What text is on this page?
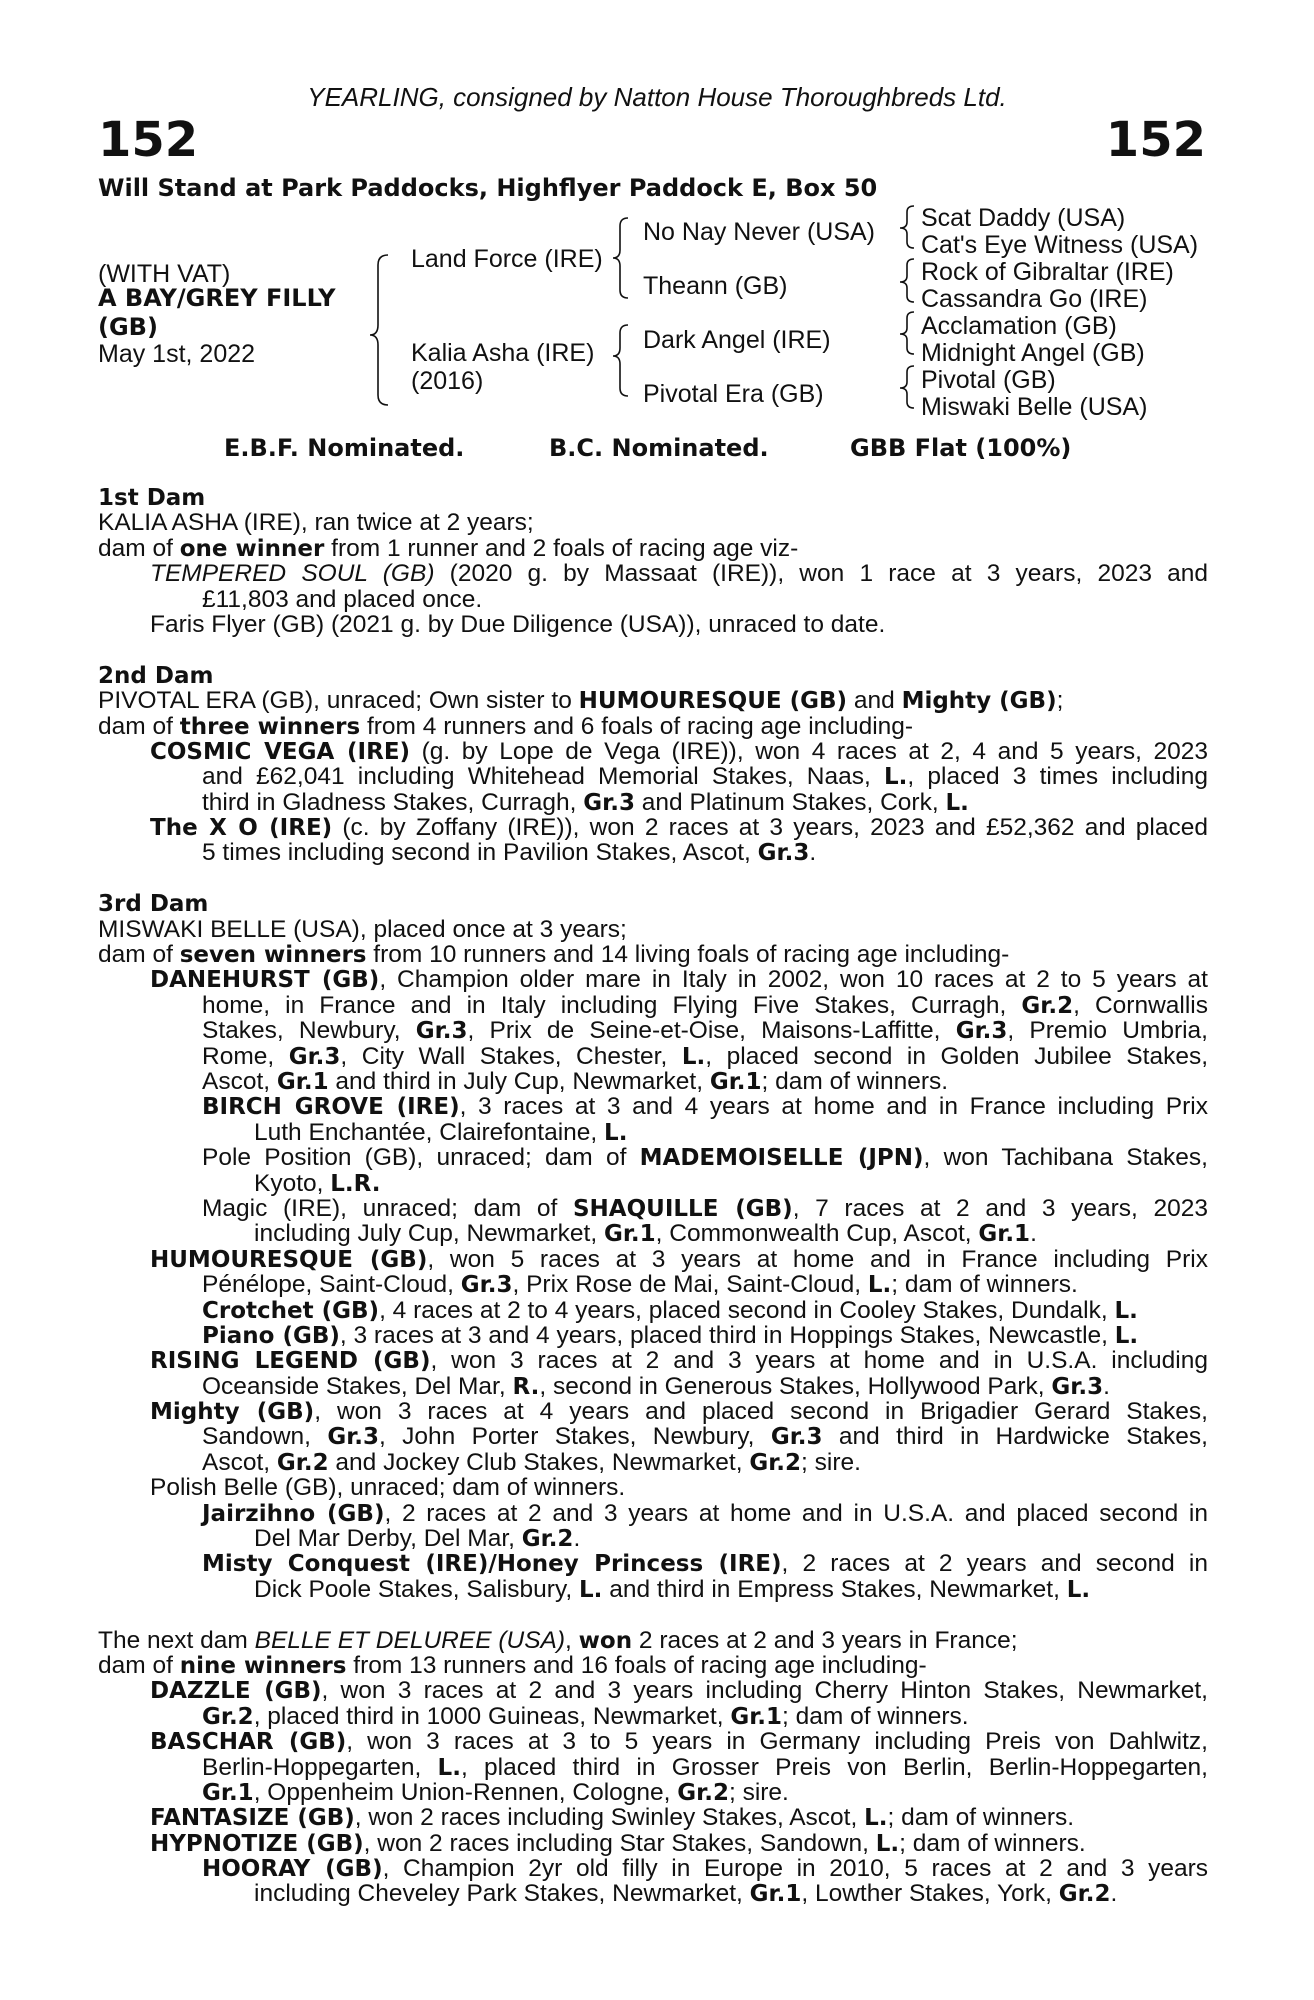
YEARLING, consigned by Natton House Thoroughbreds Ltd.
152	152
Will Stand at Park Paddocks, Highflyer Paddock E, Box 50
(WITH VAT)
A BAY/GREY FILLY
(GB)
May 1st, 2022
Land Force (IRE)
Kalia Asha (IRE)
(2016)
No Nay Never (USA)
Theann (GB)
Dark Angel (IRE)
Pivotal Era (GB)
Scat Daddy (USA)
Cat's Eye Witness (USA)
Rock of Gibraltar (IRE)
Cassandra Go (IRE)
Acclamation (GB)
Midnight Angel (GB)
Pivotal (GB)
Miswaki Belle (USA)
E.B.F. Nominated.	B.C. Nominated.	GBB Flat (100%)
1st Dam
KALIA ASHA (IRE), ran twice at 2 years;
dam of one winner from 1 runner and 2 foals of racing age viz-
TEMPERED SOUL (GB) (2020 g. by Massaat (IRE)), won 1 race at 3 years, 2023 and
£11,803 and placed once.
Faris Flyer (GB) (2021 g. by Due Diligence (USA)), unraced to date.
2nd Dam
PIVOTAL ERA (GB), unraced; Own sister to HUMOURESQUE (GB) and Mighty (GB);
dam of three winners from 4 runners and 6 foals of racing age including-
COSMIC VEGA (IRE) (g. by Lope de Vega (IRE)), won 4 races at 2, 4 and 5 years, 2023
and £62,041 including Whitehead Memorial Stakes, Naas, L., placed 3 times including
third in Gladness Stakes, Curragh, Gr.3 and Platinum Stakes, Cork, L.
The X O (IRE) (c. by Zoffany (IRE)), won 2 races at 3 years, 2023 and £52,362 and placed
5 times including second in Pavilion Stakes, Ascot, Gr.3.
3rd Dam
MISWAKI BELLE (USA), placed once at 3 years;
dam of seven winners from 10 runners and 14 living foals of racing age including-
DANEHURST (GB), Champion older mare in Italy in 2002, won 10 races at 2 to 5 years at
home, in France and in Italy including Flying Five Stakes, Curragh, Gr.2, Cornwallis
Stakes, Newbury, Gr.3, Prix de Seine-et-Oise, Maisons-Laffitte, Gr.3, Premio Umbria,
Rome, Gr.3, City Wall Stakes, Chester, L., placed second in Golden Jubilee Stakes,
Ascot, Gr.1 and third in July Cup, Newmarket, Gr.1; dam of winners.
BIRCH GROVE (IRE), 3 races at 3 and 4 years at home and in France including Prix
Luth Enchantée, Clairefontaine, L.
Pole Position (GB), unraced; dam of MADEMOISELLE (JPN), won Tachibana Stakes,
Kyoto, L.R.
Magic (IRE), unraced; dam of SHAQUILLE (GB), 7 races at 2 and 3 years, 2023
including July Cup, Newmarket, Gr.1, Commonwealth Cup, Ascot, Gr.1.
HUMOURESQUE (GB), won 5 races at 3 years at home and in France including Prix
Pénélope, Saint-Cloud, Gr.3, Prix Rose de Mai, Saint-Cloud, L.; dam of winners.
Crotchet (GB), 4 races at 2 to 4 years, placed second in Cooley Stakes, Dundalk, L.
Piano (GB), 3 races at 3 and 4 years, placed third in Hoppings Stakes, Newcastle, L.
RISING LEGEND (GB), won 3 races at 2 and 3 years at home and in U.S.A. including
Oceanside Stakes, Del Mar, R., second in Generous Stakes, Hollywood Park, Gr.3.
Mighty (GB), won 3 races at 4 years and placed second in Brigadier Gerard Stakes,
Sandown, Gr.3, John Porter Stakes, Newbury, Gr.3 and third in Hardwicke Stakes,
Ascot, Gr.2 and Jockey Club Stakes, Newmarket, Gr.2; sire.
Polish Belle (GB), unraced; dam of winners.
Jairzihno (GB), 2 races at 2 and 3 years at home and in U.S.A. and placed second in
Del Mar Derby, Del Mar, Gr.2.
Misty Conquest (IRE)/Honey Princess (IRE), 2 races at 2 years and second in
Dick Poole Stakes, Salisbury, L. and third in Empress Stakes, Newmarket, L.
The next dam BELLE ET DELUREE (USA), won 2 races at 2 and 3 years in France;
dam of nine winners from 13 runners and 16 foals of racing age including-
DAZZLE (GB), won 3 races at 2 and 3 years including Cherry Hinton Stakes, Newmarket,
Gr.2, placed third in 1000 Guineas, Newmarket, Gr.1; dam of winners.
BASCHAR (GB), won 3 races at 3 to 5 years in Germany including Preis von Dahlwitz,
Berlin-Hoppegarten, L., placed third in Grosser Preis von Berlin, Berlin-Hoppegarten,
Gr.1, Oppenheim Union-Rennen, Cologne, Gr.2; sire.
FANTASIZE (GB), won 2 races including Swinley Stakes, Ascot, L.; dam of winners.
HYPNOTIZE (GB), won 2 races including Star Stakes, Sandown, L.; dam of winners.
HOORAY (GB), Champion 2yr old filly in Europe in 2010, 5 races at 2 and 3 years
including Cheveley Park Stakes, Newmarket, Gr.1, Lowther Stakes, York, Gr.2.
